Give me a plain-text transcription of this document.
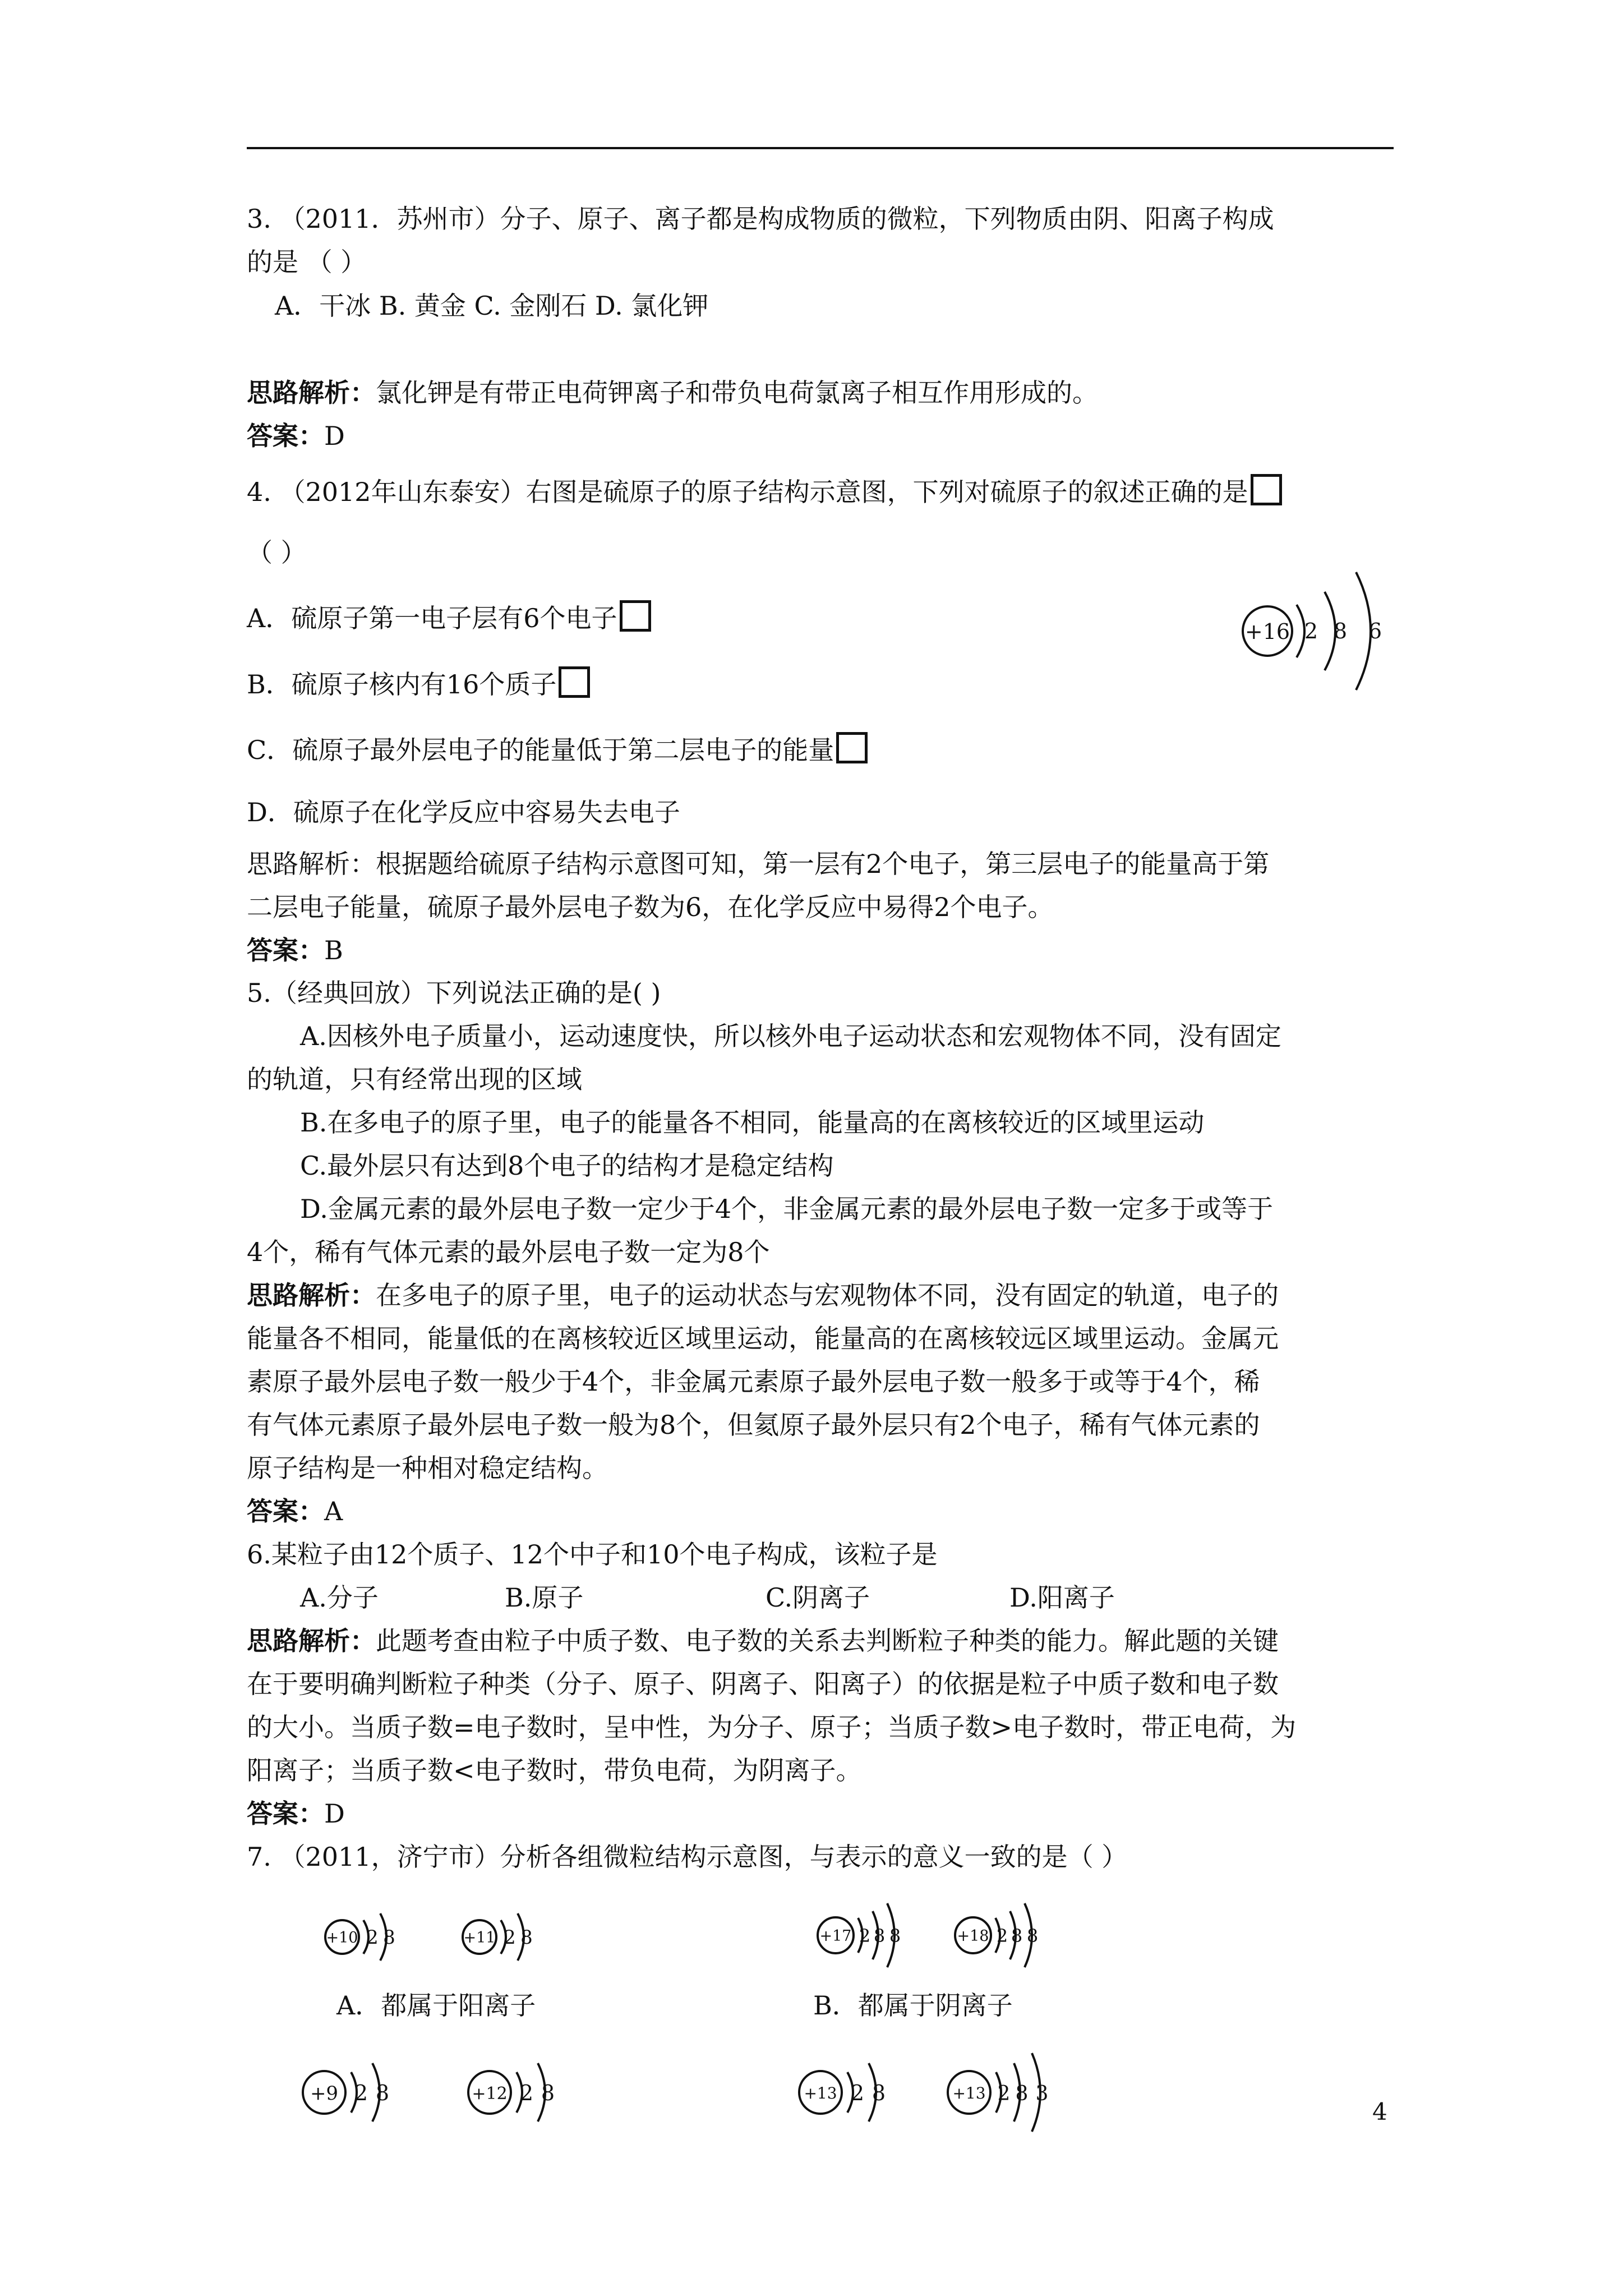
3. （2011．苏州市）分子、原子、离子都是构成物质的微粒，下列物质由阴、阳离子构成
的是 （ ）
A．干冰 B. 黄金 C. 金刚石 D. 氯化钾
思路解析：氯化钾是有带正电荷钾离子和带负电荷氯离子相互作用形成的。
答案：D
4. （2012年山东泰安）右图是硫原子的原子结构示意图，下列对硫原子的叙述正确的是
（ ）
A．硫原子第一电子层有6个电子
B．硫原子核内有16个质子
C．硫原子最外层电子的能量低于第二层电子的能量
D．硫原子在化学反应中容易失去电子
思路解析：根据题给硫原子结构示意图可知，第一层有2个电子，第三层电子的能量高于第
二层电子能量，硫原子最外层电子数为6，在化学反应中易得2个电子。
答案：B
+16 2 8 6
5.（经典回放）下列说法正确的是( )
A.因核外电子质量小，运动速度快，所以核外电子运动状态和宏观物体不同，没有固定
的轨道，只有经常出现的区域
B.在多电子的原子里，电子的能量各不相同，能量高的在离核较近的区域里运动
C.最外层只有达到8个电子的结构才是稳定结构
D.金属元素的最外层电子数一定少于4个，非金属元素的最外层电子数一定多于或等于
4个，稀有气体元素的最外层电子数一定为8个
思路解析：在多电子的原子里，电子的运动状态与宏观物体不同，没有固定的轨道，电子的
能量各不相同，能量低的在离核较近区域里运动，能量高的在离核较远区域里运动。金属元
素原子最外层电子数一般少于4个，非金属元素原子最外层电子数一般多于或等于4个，稀
有气体元素原子最外层电子数一般为8个，但氦原子最外层只有2个电子，稀有气体元素的
原子结构是一种相对稳定结构。
答案：A
6.某粒子由12个质子、12个中子和10个电子构成，该粒子是
A.分子	B.原子	C.阴离子	D.阳离子
思路解析：此题考查由粒子中质子数、电子数的关系去判断粒子种类的能力。解此题的关键
在于要明确判断粒子种类（分子、原子、阴离子、阳离子）的依据是粒子中质子数和电子数
的大小。当质子数=电子数时，呈中性，为分子、原子；当质子数>电子数时，带正电荷，为
阳离子；当质子数<电子数时，带负电荷，为阴离子。
答案：D
7. （2011，济宁市）分析各组微粒结构示意图，与表示的意义一致的是（ ）
+10 2 8	+11 2 8	+17 2 8 8	+18 2 8 8
A．都属于阳离子	B．都属于阴离子
+9 2 8	+12 2 8	+13 2 8	+13 2 8 3
4
